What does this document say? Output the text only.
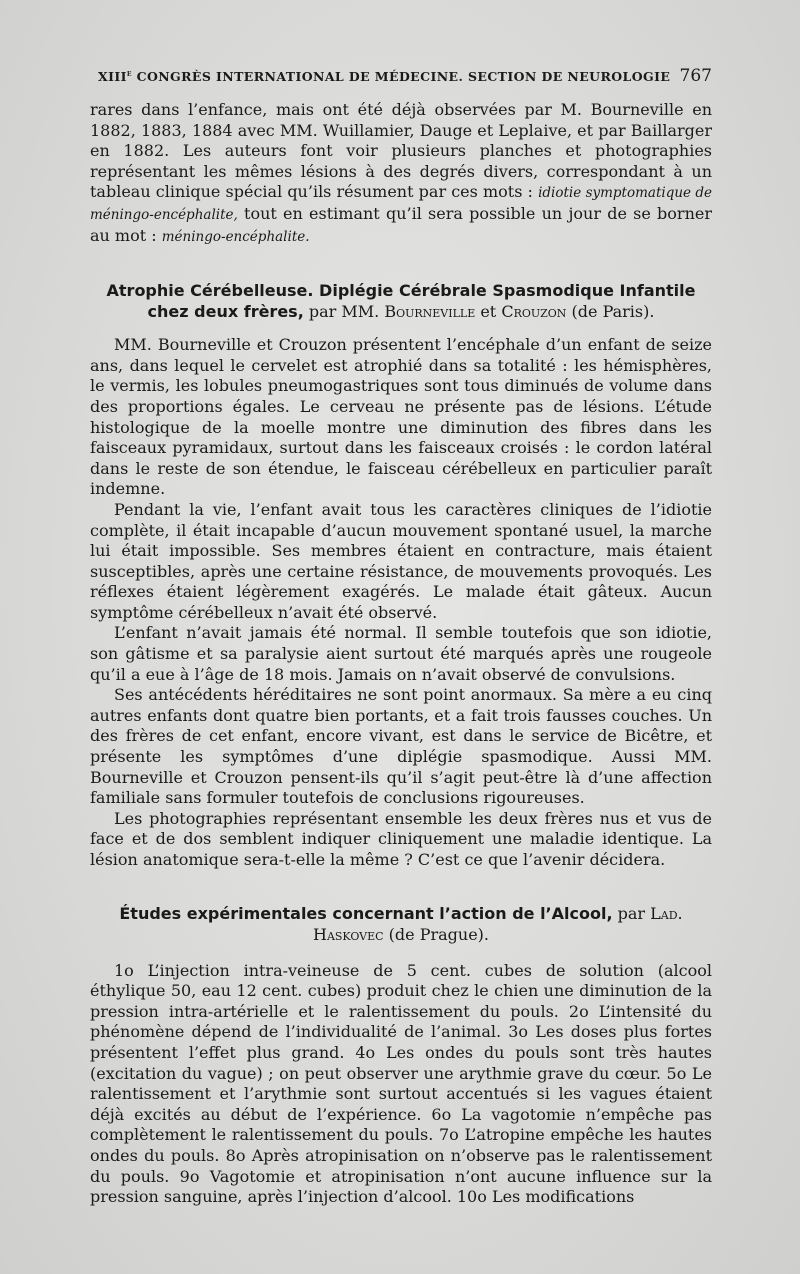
XIIIe CONGRÈS INTERNATIONAL DE MÉDECINE. SECTION DE NEUROLOGIE 767

rares dans l’enfance, mais ont été déjà observées par M. Bourneville en 1882, 1883, 1884 avec MM. Wuillamier, Dauge et Leplaive, et par Baillarger en 1882. Les auteurs font voir plusieurs planches et photographies représentant les mêmes lésions à des degrés divers, correspondant à un tableau clinique spécial qu’ils résument par ces mots : idiotie symptomatique de méningo-encéphalite, tout en estimant qu’il sera possible un jour de se borner au mot : méningo-encéphalite.

Atrophie Cérébelleuse. Diplégie Cérébrale Spasmodique Infantile chez deux frères, par MM. Bourneville et Crouzon (de Paris).

MM. Bourneville et Crouzon présentent l’encéphale d’un enfant de seize ans, dans lequel le cervelet est atrophié dans sa totalité : les hémisphères, le vermis, les lobules pneumogastriques sont tous diminués de volume dans des proportions égales. Le cerveau ne présente pas de lésions. L’étude histologique de la moelle montre une diminution des fibres dans les faisceaux pyramidaux, surtout dans les faisceaux croisés : le cordon latéral dans le reste de son étendue, le faisceau cérébelleux en particulier paraît indemne.

Pendant la vie, l’enfant avait tous les caractères cliniques de l’idiotie complète, il était incapable d’aucun mouvement spontané usuel, la marche lui était impossible. Ses membres étaient en contracture, mais étaient susceptibles, après une certaine résistance, de mouvements provoqués. Les réflexes étaient légèrement exagérés. Le malade était gâteux. Aucun symptôme cérébelleux n’avait été observé.

L’enfant n’avait jamais été normal. Il semble toutefois que son idiotie, son gâtisme et sa paralysie aient surtout été marqués après une rougeole qu’il a eue à l’âge de 18 mois. Jamais on n’avait observé de convulsions.

Ses antécédents héréditaires ne sont point anormaux. Sa mère a eu cinq autres enfants dont quatre bien portants, et a fait trois fausses couches. Un des frères de cet enfant, encore vivant, est dans le service de Bicêtre, et présente les symptômes d’une diplégie spasmodique. Aussi MM. Bourneville et Crouzon pensent-ils qu’il s’agit peut-être là d’une affection familiale sans formuler toutefois de conclusions rigoureuses.

Les photographies représentant ensemble les deux frères nus et vus de face et de dos semblent indiquer cliniquement une maladie identique. La lésion anatomique sera-t-elle la même ? C’est ce que l’avenir décidera.

Études expérimentales concernant l’action de l’Alcool, par Lad. Haskovec (de Prague).

1o L’injection intra-veineuse de 5 cent. cubes de solution (alcool éthylique 50, eau 12 cent. cubes) produit chez le chien une diminution de la pression intra-artérielle et le ralentissement du pouls. 2o L’intensité du phénomène dépend de l’individualité de l’animal. 3o Les doses plus fortes présentent l’effet plus grand. 4o Les ondes du pouls sont très hautes (excitation du vague) ; on peut observer une arythmie grave du cœur. 5o Le ralentissement et l’arythmie sont surtout accentués si les vagues étaient déjà excités au début de l’expérience. 6o La vagotomie n’empêche pas complètement le ralentissement du pouls. 7o L’atropine empêche les hautes ondes du pouls. 8o Après atropinisation on n’observe pas le ralentissement du pouls. 9o Vagotomie et atropinisation n’ont aucune influence sur la pression sanguine, après l’injection d’alcool. 10o Les modifications
